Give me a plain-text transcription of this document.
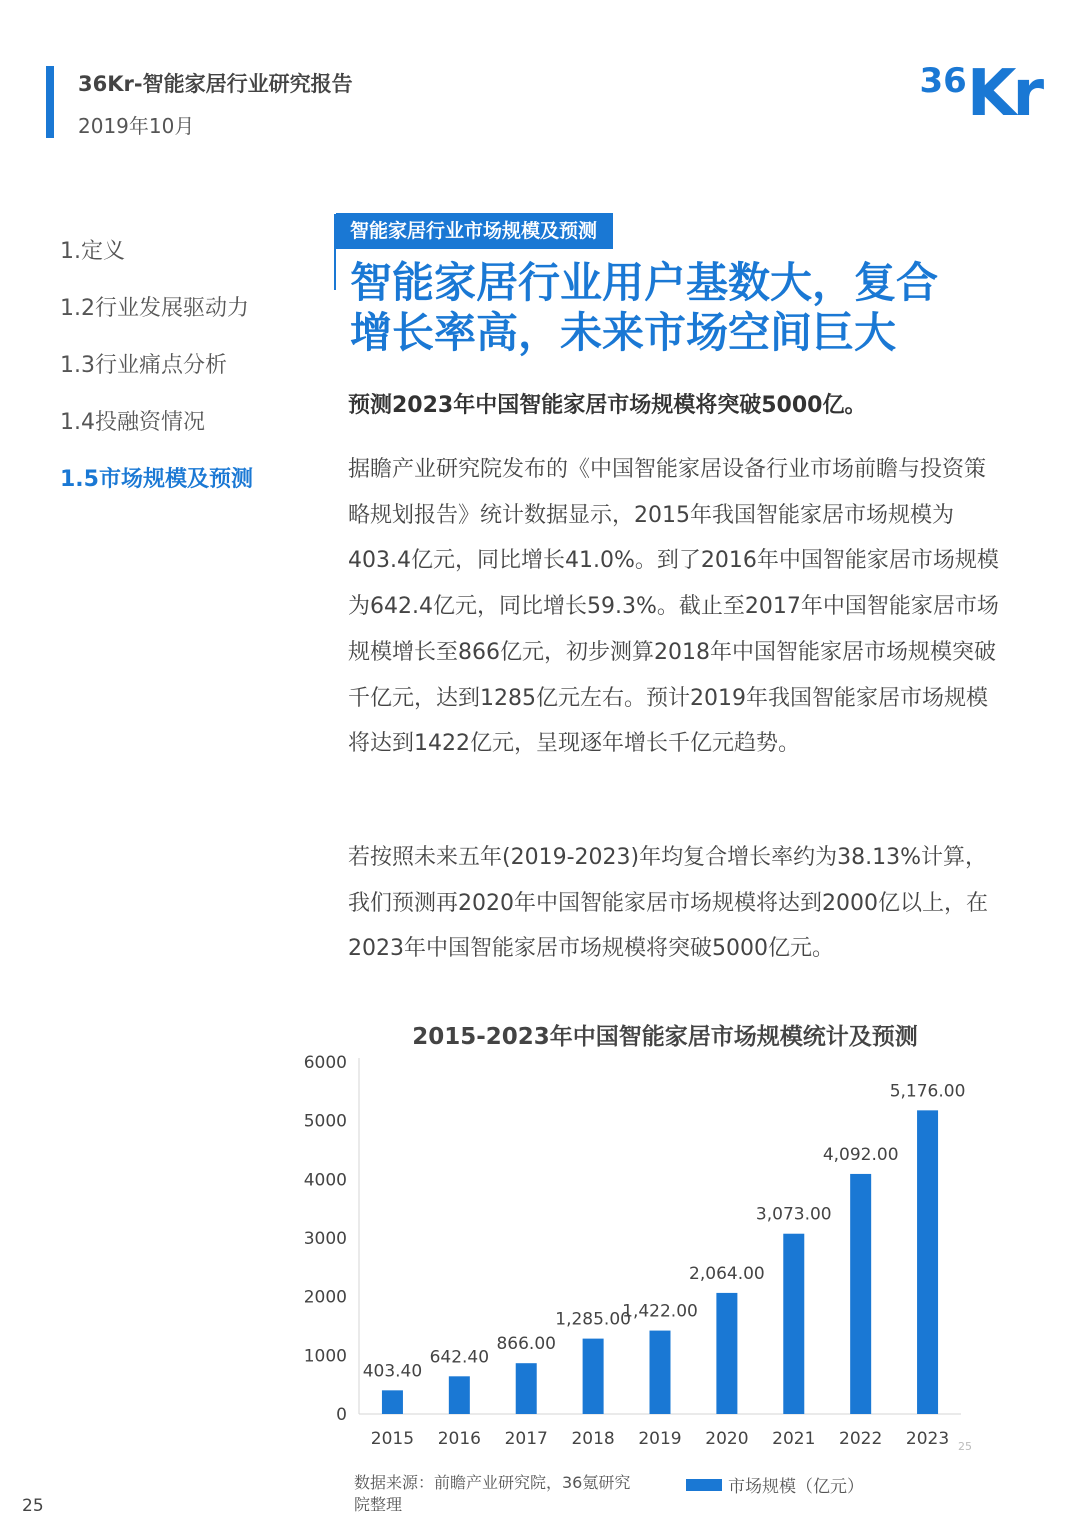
36Kr-智能家居行业研究报告
2019年10月
36 Kr
1.定义
1.2行业发展驱动力
1.3行业痛点分析
1.4投融资情况
1.5市场规模及预测
智能家居行业市场规模及预测
智能家居行业用户基数大，复合
增长率高，未来市场空间巨大
预测2023年中国智能家居市场规模将突破5000亿。

据瞻产业研究院发布的《中国智能家居设备行业市场前瞻与投资策略规划报告》统计数据显示，2015年我国智能家居市场规模为403.4亿元，同比增长41.0%。到了2016年中国智能家居市场规模为642.4亿元，同比增长59.3%。截止至2017年中国智能家居市场规模增长至866亿元，初步测算2018年中国智能家居市场规模突破千亿元，达到1285亿元左右。预计2019年我国智能家居市场规模将达到1422亿元，呈现逐年增长千亿元趋势。

若按照未来五年(2019-2023)年均复合增长率约为38.13%计算，我们预测再2020年中国智能家居市场规模将达到2000亿以上，在2023年中国智能家居市场规模将突破5000亿元。

2015-2023年中国智能家居市场规模统计及预测
0
1000
2000
3000
4000
5000
6000
403.40
2015
642.40
2016
866.00
2017
1,285.00
2018
1,422.00
2019
2,064.00
2020
3,073.00
2021
4,092.00
2022
5,176.00
2023
数据来源：前瞻产业研究院，36氪研究院整理
市场规模（亿元）
25
25
